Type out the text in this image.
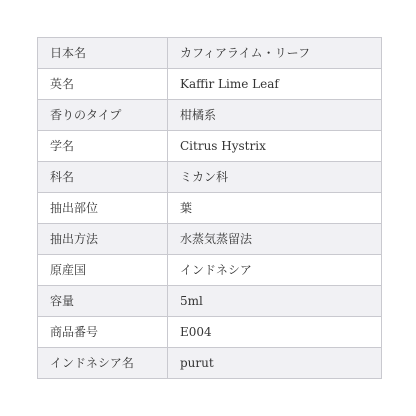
日本名	カフィアライム・リーフ
英名	Kaffir Lime Leaf
香りのタイプ	柑橘系
学名	Citrus Hystrix
科名	ミカン科
抽出部位	葉
抽出方法	水蒸気蒸留法
原産国	インドネシア
容量	5ml
商品番号	E004
インドネシア名	purut
